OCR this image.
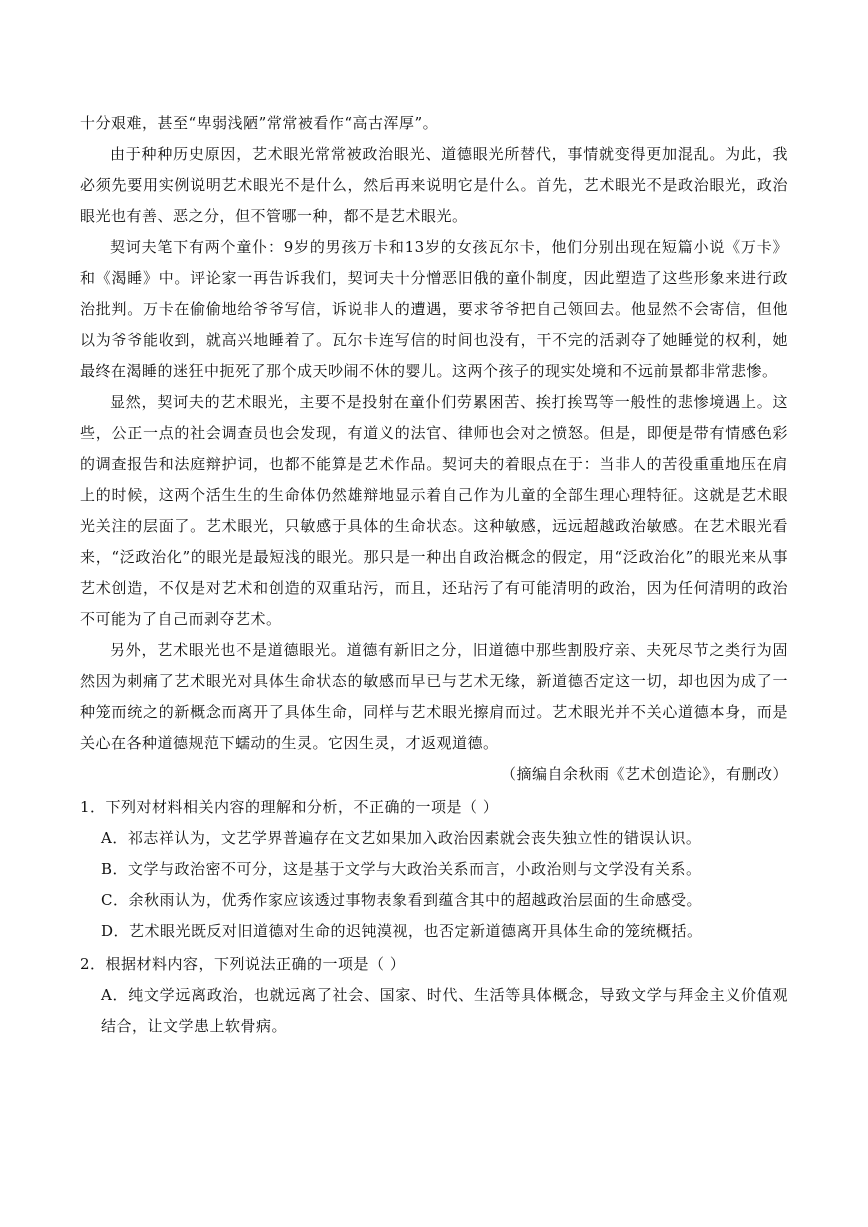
十分艰难，甚至“卑弱浅陋”常常被看作“高古浑厚”。

由于种种历史原因，艺术眼光常常被政治眼光、道德眼光所替代，事情就变得更加混乱。为此，我必须先要用实例说明艺术眼光不是什么，然后再来说明它是什么。首先，艺术眼光不是政治眼光，政治眼光也有善、恶之分，但不管哪一种，都不是艺术眼光。

契诃夫笔下有两个童仆：9岁的男孩万卡和13岁的女孩瓦尔卡，他们分别出现在短篇小说《万卡》和《渴睡》中。评论家一再告诉我们，契诃夫十分憎恶旧俄的童仆制度，因此塑造了这些形象来进行政治批判。万卡在偷偷地给爷爷写信，诉说非人的遭遇，要求爷爷把自己领回去。他显然不会寄信，但他以为爷爷能收到，就高兴地睡着了。瓦尔卡连写信的时间也没有，干不完的活剥夺了她睡觉的权利，她最终在渴睡的迷狂中扼死了那个成天吵闹不休的婴儿。这两个孩子的现实处境和不远前景都非常悲惨。

显然，契诃夫的艺术眼光，主要不是投射在童仆们劳累困苦、挨打挨骂等一般性的悲惨境遇上。这些，公正一点的社会调查员也会发现，有道义的法官、律师也会对之愤怒。但是，即便是带有情感色彩的调查报告和法庭辩护词，也都不能算是艺术作品。契诃夫的着眼点在于：当非人的苦役重重地压在肩上的时候，这两个活生生的生命体仍然雄辩地显示着自己作为儿童的全部生理心理特征。这就是艺术眼光关注的层面了。艺术眼光，只敏感于具体的生命状态。这种敏感，远远超越政治敏感。在艺术眼光看来，“泛政治化”的眼光是最短浅的眼光。那只是一种出自政治概念的假定，用“泛政治化”的眼光来从事艺术创造，不仅是对艺术和创造的双重玷污，而且，还玷污了有可能清明的政治，因为任何清明的政治不可能为了自己而剥夺艺术。

另外，艺术眼光也不是道德眼光。道德有新旧之分，旧道德中那些割股疗亲、夫死尽节之类行为固然因为刺痛了艺术眼光对具体生命状态的敏感而早已与艺术无缘，新道德否定这一切，却也因为成了一种笼而统之的新概念而离开了具体生命，同样与艺术眼光擦肩而过。艺术眼光并不关心道德本身，而是关心在各种道德规范下蠕动的生灵。它因生灵，才返观道德。

（摘编自余秋雨《艺术创造论》，有删改）

1．下列对材料相关内容的理解和分析，不正确的一项是（ ）

A．祁志祥认为，文艺学界普遍存在文艺如果加入政治因素就会丧失独立性的错误认识。

B．文学与政治密不可分，这是基于文学与大政治关系而言，小政治则与文学没有关系。

C．余秋雨认为，优秀作家应该透过事物表象看到蕴含其中的超越政治层面的生命感受。

D．艺术眼光既反对旧道德对生命的迟钝漠视，也否定新道德离开具体生命的笼统概括。

2．根据材料内容，下列说法正确的一项是（ ）

A．纯文学远离政治，也就远离了社会、国家、时代、生活等具体概念，导致文学与拜金主义价值观结合，让文学患上软骨病。
